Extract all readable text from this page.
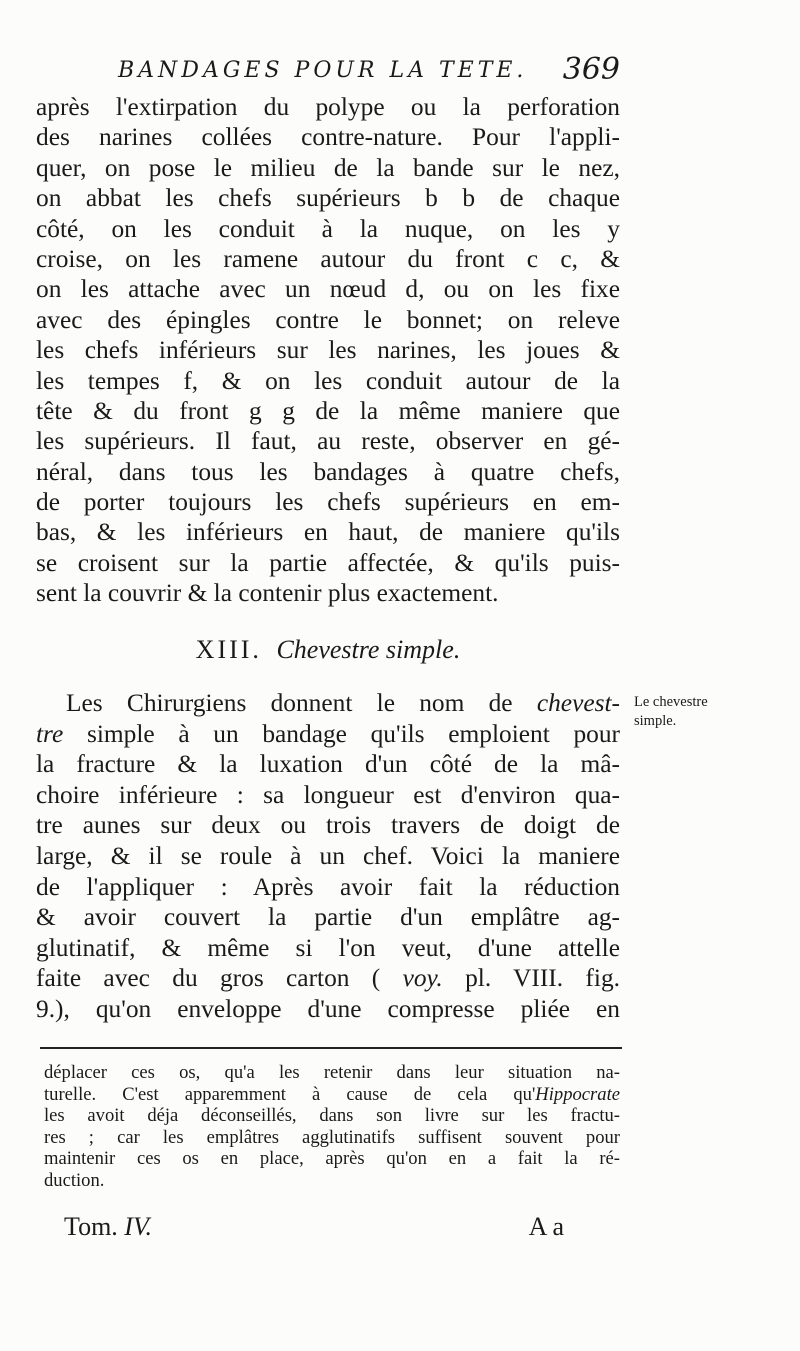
BANDAGES POUR LA TETE. 369
après l'extirpation du polype ou la perforation
des narines collées contre-nature. Pour l'appli-
quer, on pose le milieu de la bande sur le nez,
on abbat les chefs supérieurs b b de chaque
côté, on les conduit à la nuque, on les y
croise, on les ramene autour du front c c, &
on les attache avec un nœud d, ou on les fixe
avec des épingles contre le bonnet; on releve
les chefs inférieurs sur les narines, les joues &
les tempes f, & on les conduit autour de la
tête & du front g g de la même maniere que
les supérieurs. Il faut, au reste, observer en gé-
néral, dans tous les bandages à quatre chefs,
de porter toujours les chefs supérieurs en em-
bas, & les inférieurs en haut, de maniere qu'ils
se croisent sur la partie affectée, & qu'ils puis-
sent la couvrir & la contenir plus exactement.
XIII. Chevestre simple.
Le chevestre
simple.
Les Chirurgiens donnent le nom de chevest-
tre simple à un bandage qu'ils emploient pour
la fracture & la luxation d'un côté de la mâ-
choire inférieure : sa longueur est d'environ qua-
tre aunes sur deux ou trois travers de doigt de
large, & il se roule à un chef. Voici la maniere
de l'appliquer : Après avoir fait la réduction
& avoir couvert la partie d'un emplâtre ag-
glutinatif, & même si l'on veut, d'une attelle
faite avec du gros carton ( voy. pl. VIII. fig.
9.), qu'on enveloppe d'une compresse pliée en
déplacer ces os, qu'a les retenir dans leur situation na-
turelle. C'est apparemment à cause de cela qu'Hippocrate
les avoit déja déconseillés, dans son livre sur les fractu-
res ; car les emplâtres agglutinatifs suffisent souvent pour
maintenir ces os en place, après qu'on en a fait la ré-
duction.
Tom. IV.	A a
